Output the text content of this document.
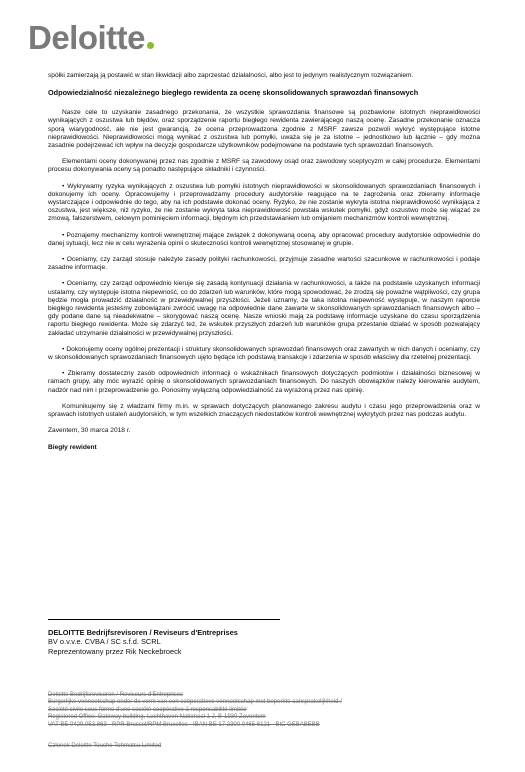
Deloitte

spółki zamierzają ją postawić w stan likwidacji albo zaprzestać działalności, albo jest to jedynym realistycznym rozwiązaniem.

Odpowiedzialność niezależnego biegłego rewidenta za ocenę skonsolidowanych sprawozdań finansowych

Nasze cele to uzyskanie zasadnego przekonania, że wszystkie sprawozdania finansowe są pozbawione istotnych nieprawidłowości wynikających z oszustwa lub błędów, oraz sporządzenie raportu biegłego rewidenta zawierającego naszą ocenę. Zasadne przekonanie oznacza sporą wiarygodność, ale nie jest gwarancją, że ocena przeprowadzona zgodnie z MSRF zawsze pozwoli wykryć występujące istotne nieprawidłowości. Nieprawidłowości mogą wynikać z oszustwa lub pomyłki, uważa się je za istotne – jednostkowo lub łącznie – gdy można zasadnie podejrzewać ich wpływ na decyzje gospodarcze użytkowników podejmowane na podstawie tych sprawozdań finansowych.

Elementami oceny dokonywanej przez nas zgodnie z MSRF są zawodowy osąd oraz zawodowy sceptycyzm w całej procedurze. Elementami procesu dokonywania oceny są ponadto następujące składniki i czynności.

• Wykrywamy ryzyka wynikających z oszustwa lub pomyłki istotnych nieprawidłowości w skonsolidowanych sprawozdaniach finansowych i dokonujemy ich oceny. Opracowujemy i przeprowadzamy procedury audytorskie reagujące na te zagrożenia oraz zbieramy informacje wystarczające i odpowiednie do tego, aby na ich podstawie dokonać oceny. Ryzyko, że nie zostanie wykryta istotna nieprawidłowość wynikająca z oszustwa, jest większe, niż ryzyko, że nie zostanie wykryta taka nieprawidłowość powstała wskutek pomyłki, gdyż oszustwo może się wiązać ze zmową, fałszerstwem, celowym pominięciem informacji, błędnym ich przedstawianiem lub omijaniem mechanizmów kontroli wewnętrznej.

• Poznajemy mechanizmy kontroli wewnętrznej mające związek z dokonywaną oceną, aby opracować procedury audytorskie odpowiednie do danej sytuacji, lecz nie w celu wyrażenia opinii o skuteczności kontroli wewnętrznej stosowanej w grupie.

• Oceniamy, czy zarząd stosuje należyte zasady polityki rachunkowości, przyjmuje zasadne wartości szacunkowe w rachunkowości i podaje zasadne informacje.

• Oceniamy, czy zarząd odpowiednio kieruje się zasadą kontynuacji działania w rachunkowości, a także na podstawie uzyskanych informacji ustalamy, czy występuje istotna niepewność, co do zdarzeń lub warunków, które mogą spowodować, że zrodzą się poważne wątpliwości, czy grupa będzie mogła prowadzić działalność w przewidywalnej przyszłości. Jeżeli uznamy, że taka istotna niepewność występuje, w naszym raporcie biegłego rewidenta jesteśmy zobowiązani zwrócić uwagę na odpowiednie dane zawarte w skonsolidowanych sprawozdaniach finansowych albo – gdy podane dane są nieadekwatne – skorygować naszą ocenę. Nasze wnioski mają za podstawę informacje uzyskane do czasu sporządzenia raportu biegłego rewidenta. Może się zdarzyć też, że wskutek przyszłych zdarzeń lub warunków grupa przestanie działać w sposób pozwalający zakładać utrzymanie działalności w przewidywalnej przyszłości.

• Dokonujemy oceny ogólnej prezentacji i struktury skonsolidowanych sprawozdań finansowych oraz zawartych w nich danych i oceniamy, czy w skonsolidowanych sprawozdaniach finansowych ujęto będące ich podstawą transakcje i zdarzenia w sposób właściwy dla rzetelnej prezentacji.

• Zbieramy dostateczny zasób odpowiednich informacji o wskaźnikach finansowych dotyczących podmiotów i działalności biznesowej w ramach grupy, aby móc wyrazić opinię o skonsolidowanych sprawozdaniach finansowych. Do naszych obowiązków należy kierowanie audytem, nadzór nad nim i przeprowadzenie go. Ponosimy wyłączną odpowiedzialność za wyrażoną przez nas opinię.

Komunikujemy się z władzami firmy m.in. w sprawach dotyczących planowanego zakresu audytu i czasu jego przeprowadzenia oraz w sprawach istotnych ustaleń audytorskich, w tym wszelkich znaczących niedostatków kontroli wewnętrznej wykrytych przez nas podczas audytu.

Zaventem, 30 marca 2018 r.

Biegły rewident

DELOITTE Bedrijfsrevisoren / Reviseurs d'Entreprises
BV o.v.v.e. CVBA / SC s.f.d. SCRL
Reprezentowany przez Rik Neckebroeck
Deloitte Bedrijfsrevisoren / Reviseurs d'Entreprises
Burgerlijke vennootschap onder de vorm van een coöperatieve vennootschap met beperkte aansprakelijkheid /
Société civile sous forme d'une société coopérative à responsabilité limitée
Registered Office: Gateway building, Luchthaven Nationaal 1 J, B-1930 Zaventem
VAT BE 0429.053.863 - RPR Brussel/RPM Bruxelles - IBAN BE 17 2300 0465 6121 - BIC GEBABEBB
Członek Deloitte Touche Tohmatsu Limited
